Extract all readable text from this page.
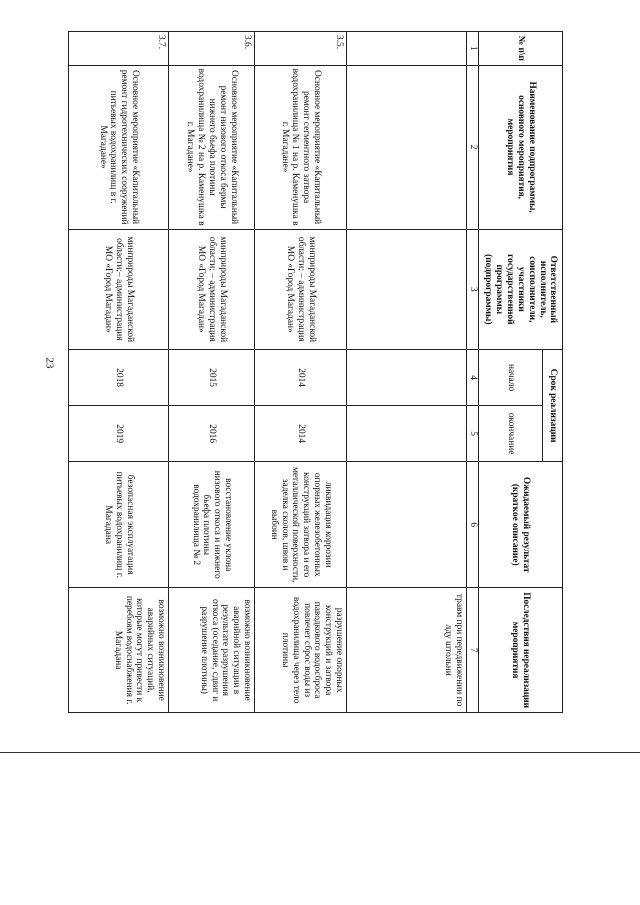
23
№ п\п	Наименование подпрограммы, основного мероприятия, мероприятия	Ответственный исполнитель, соисполнители, участники государственной программы (подпрограммы)	Срок реализации		Ожидаемый результат (краткое описание)	Последствия нереализации мероприятия
			начало	окончание		
1	2	3	4	5	6	7
						травм при передвижении по лду штольни
3.5.	Основное мероприятие «Капитальный ремонт сегментного затвора водохранилища № 1 на р. Каменушка в г. Магадане»	минприроды Магаданской области; – администрация МО «Город Магадан»	2014	2014	ликвидация коррозии опорных железобетонных конструкций затвора и его металлической поверхности, заделка сколов, швов и выбоин	разрушение опорных конструкций и затвора паводкового водосброса повлечет сброс воды из водохранилища через тело плотины
3.6.	Основное мероприятие «Капитальный ремонт низового откоса бермы нижнего бьефа плотины водохранилища № 2 на р. Каменушка в г. Магадане»	минприроды Магаданской области; – администрация МО «Город Магадан»	2015	2016	восстановление уклона низового откоса и нижнего бьефа плотины водохранилища № 2	возможно возникновение аварийной ситуации в результате разрушения откоса (оседание, сдвиг и разрушение плотины)
3.7.	Основное мероприятие «Капитальный ремонт гидротехнических сооружений питьевых водохранилищ в г. Магадане»	минприроды Магаданской области;– администрация МО «Город Магадан»	2018	2019	безопасная эксплуатация питьевых водохранилищ г. Магадана	возможно возникновение аварийных ситуаций, которые могут привести к перебоям водоснабжения г. Магадана
